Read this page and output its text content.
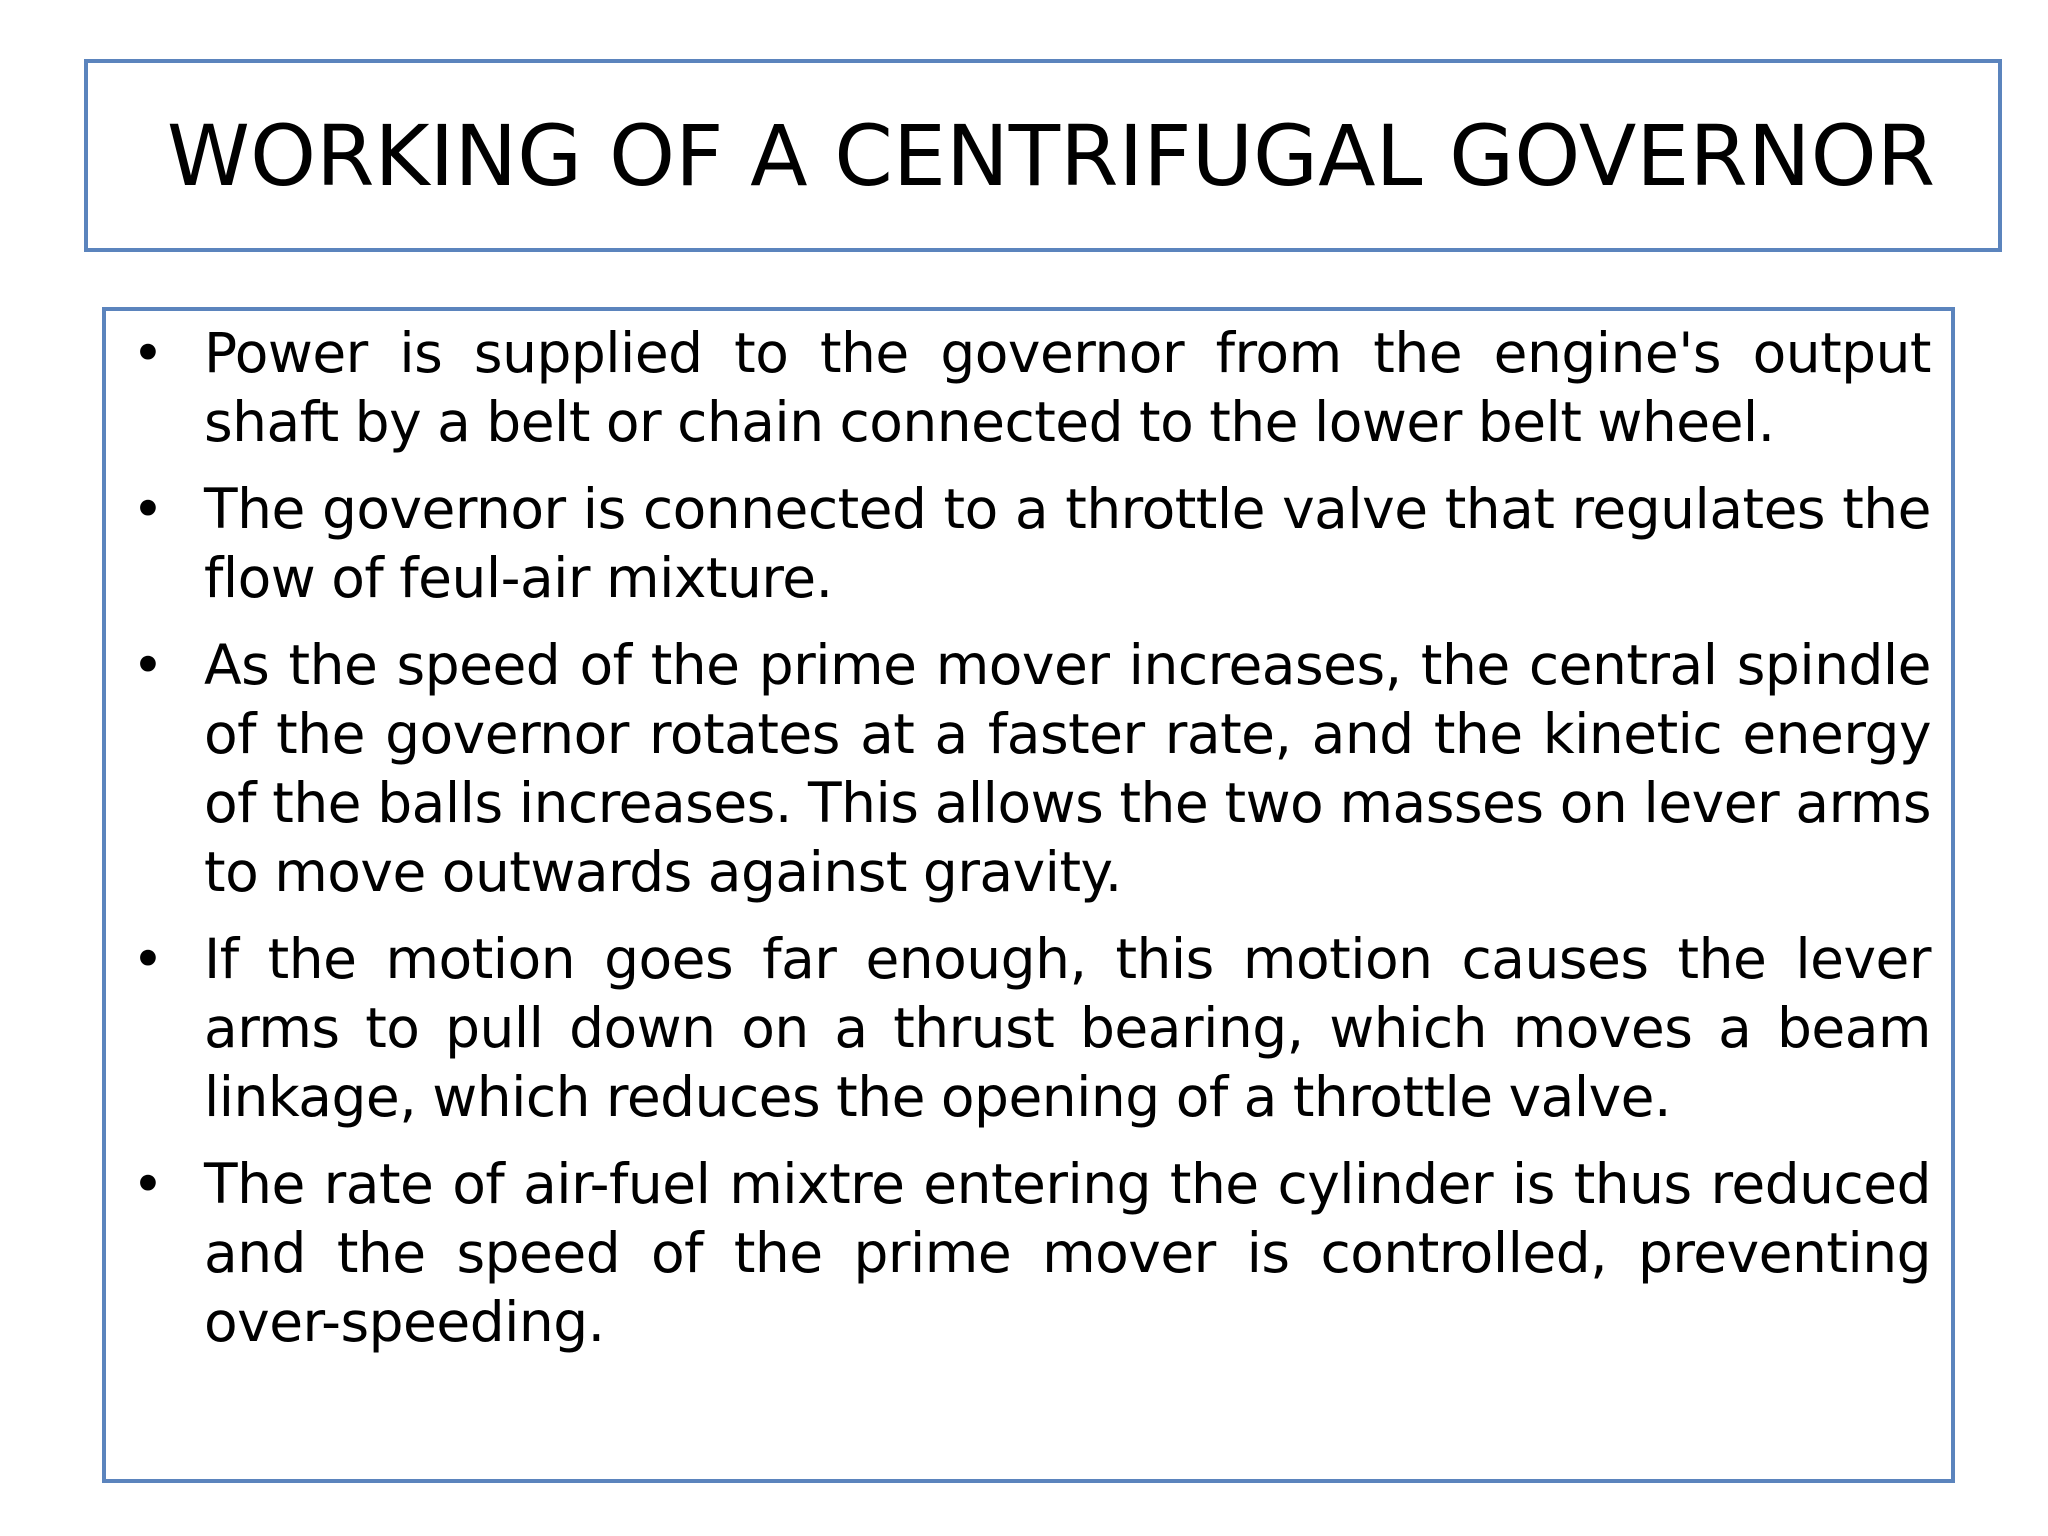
WORKING OF A CENTRIFUGAL GOVERNOR
• Power is supplied to the governor from the engine's output shaft by a belt or chain connected to the lower belt wheel.
• The governor is connected to a throttle valve that regulates the flow of feul-air mixture.
• As the speed of the prime mover increases, the central spindle of the governor rotates at a faster rate, and the kinetic energy of the balls increases. This allows the two masses on lever arms to move outwards against gravity.
• If the motion goes far enough, this motion causes the lever arms to pull down on a thrust bearing, which moves a beam linkage, which reduces the opening of a throttle valve.
• The rate of air-fuel mixtre entering the cylinder is thus reduced and the speed of the prime mover is controlled, preventing over-speeding.
